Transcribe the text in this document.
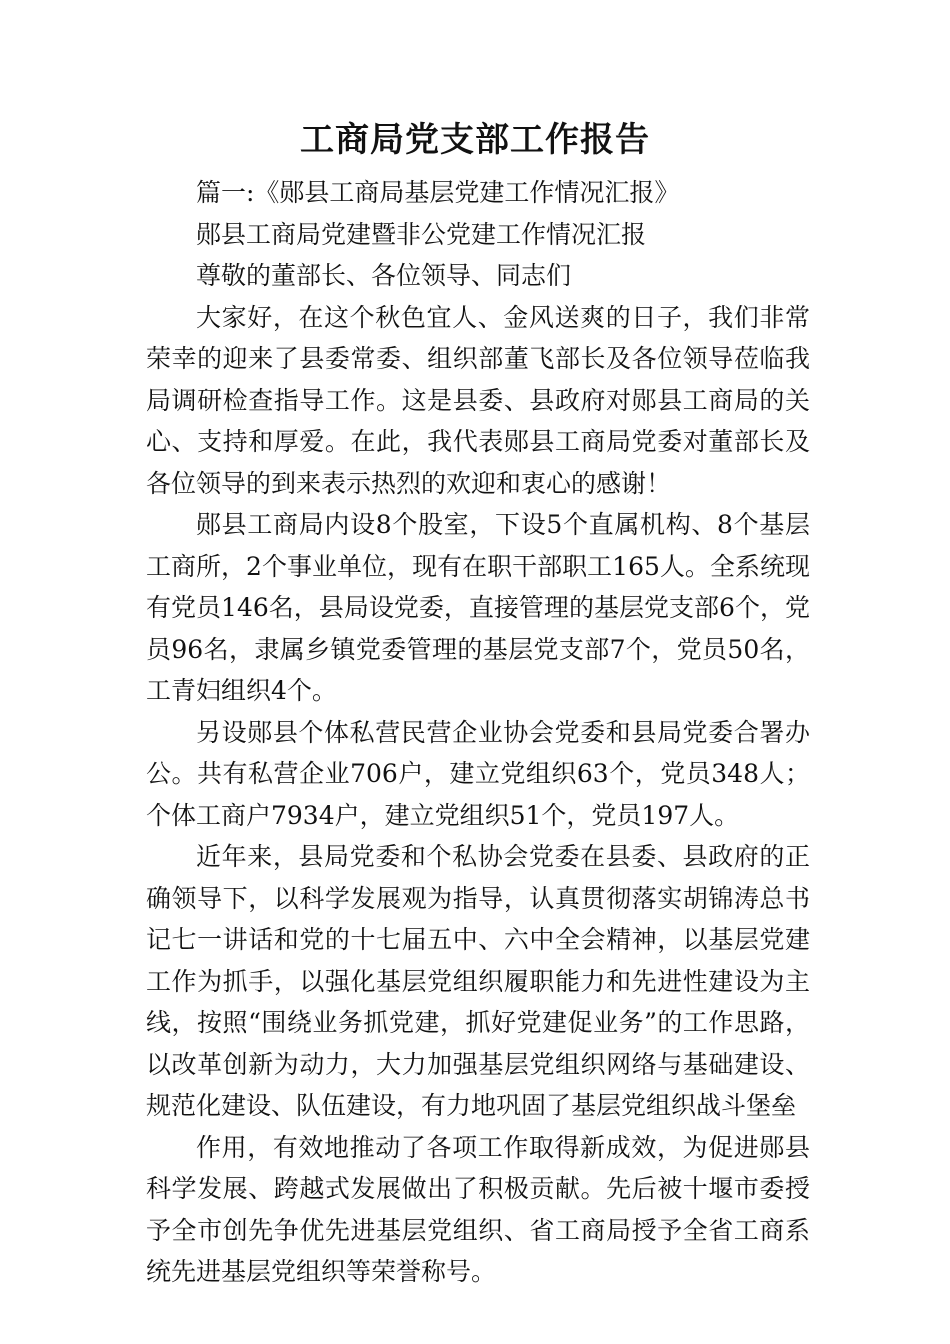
工商局党支部工作报告

篇一:《郧县工商局基层党建工作情况汇报》

郧县工商局党建暨非公党建工作情况汇报

尊敬的董部长、各位领导、同志们

大家好，在这个秋色宜人、金风送爽的日子，我们非常荣幸的迎来了县委常委、组织部董飞部长及各位领导莅临我局调研检查指导工作。这是县委、县政府对郧县工商局的关心、支持和厚爱。在此，我代表郧县工商局党委对董部长及各位领导的到来表示热烈的欢迎和衷心的感谢！

郧县工商局内设8个股室，下设5个直属机构、8个基层工商所，2个事业单位，现有在职干部职工165人。全系统现有党员146名，县局设党委，直接管理的基层党支部6个，党员96名，隶属乡镇党委管理的基层党支部7个，党员50名，工青妇组织4个。

另设郧县个体私营民营企业协会党委和县局党委合署办公。共有私营企业706户，建立党组织63个，党员348人；个体工商户7934户，建立党组织51个，党员197人。

近年来，县局党委和个私协会党委在县委、县政府的正确领导下，以科学发展观为指导，认真贯彻落实胡锦涛总书记七一讲话和党的十七届五中、六中全会精神，以基层党建工作为抓手，以强化基层党组织履职能力和先进性建设为主线，按照“围绕业务抓党建，抓好党建促业务”的工作思路，以改革创新为动力，大力加强基层党组织网络与基础建设、规范化建设、队伍建设，有力地巩固了基层党组织战斗堡垒

作用，有效地推动了各项工作取得新成效，为促进郧县科学发展、跨越式发展做出了积极贡献。先后被十堰市委授予全市创先争优先进基层党组织、省工商局授予全省工商系统先进基层党组织等荣誉称号。
